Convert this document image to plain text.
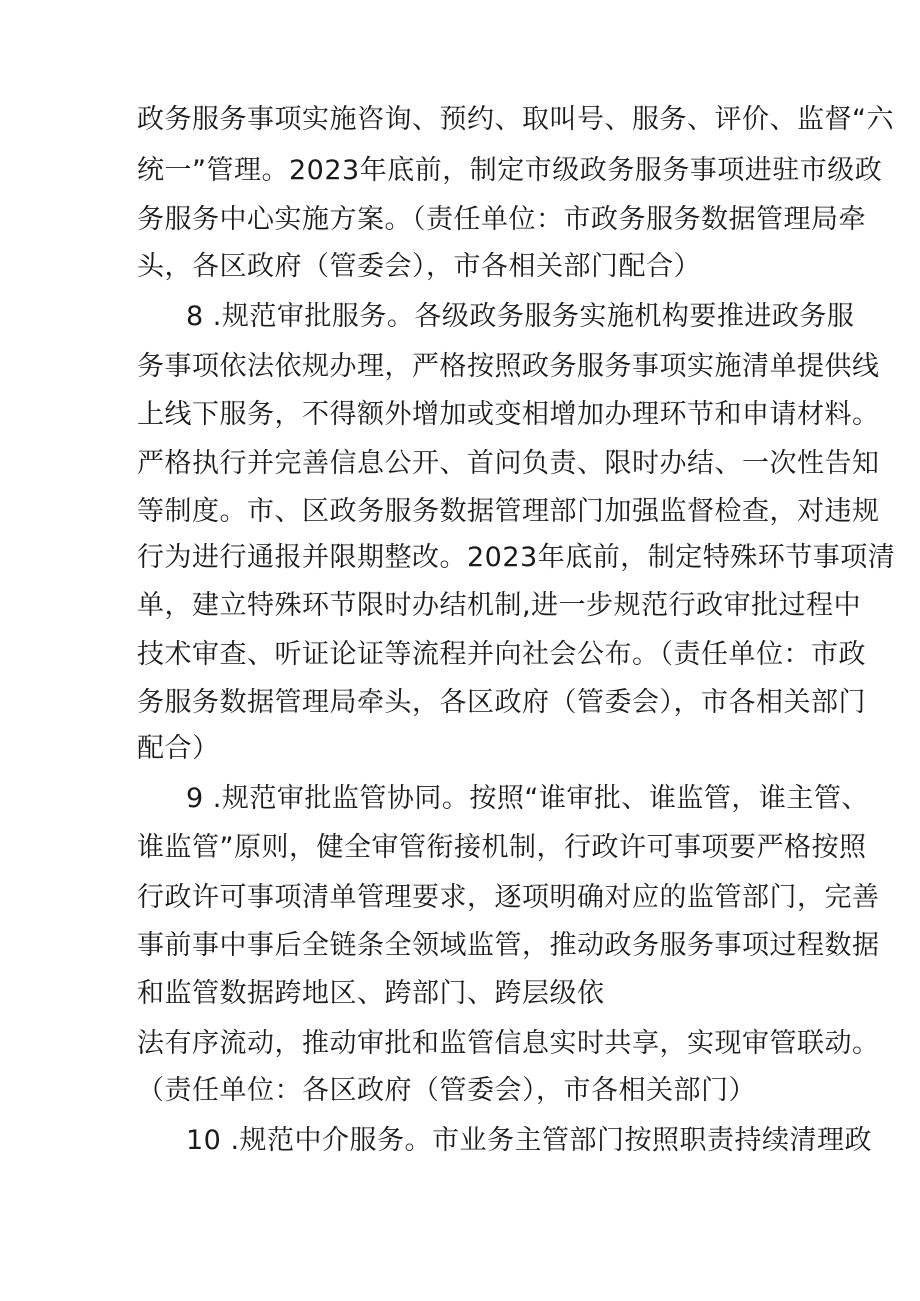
政务服务事项实施咨询、预约、取叫号、服务、评价、监督“六
统一”管理。2023年底前，制定市级政务服务事项进驻市级政
务服务中心实施方案。（责任单位：市政务服务数据管理局牵
头，各区政府（管委会），市各相关部门配合）
8 .规范审批服务。各级政务服务实施机构要推进政务服
务事项依法依规办理，严格按照政务服务事项实施清单提供线
上线下服务，不得额外增加或变相增加办理环节和申请材料。
严格执行并完善信息公开、首问负责、限时办结、一次性告知
等制度。市、区政务服务数据管理部门加强监督检查，对违规
行为进行通报并限期整改。2023年底前，制定特殊环节事项清
单，建立特殊环节限时办结机制,进一步规范行政审批过程中
技术审查、听证论证等流程并向社会公布。（责任单位：市政
务服务数据管理局牵头，各区政府（管委会），市各相关部门
配合）
9 .规范审批监管协同。按照“谁审批、谁监管，谁主管、
谁监管”原则，健全审管衔接机制，行政许可事项要严格按照
行政许可事项清单管理要求，逐项明确对应的监管部门，完善
事前事中事后全链条全领域监管，推动政务服务事项过程数据
和监管数据跨地区、跨部门、跨层级依
法有序流动，推动审批和监管信息实时共享，实现审管联动。
（责任单位：各区政府（管委会），市各相关部门）
10 .规范中介服务。市业务主管部门按照职责持续清理政
